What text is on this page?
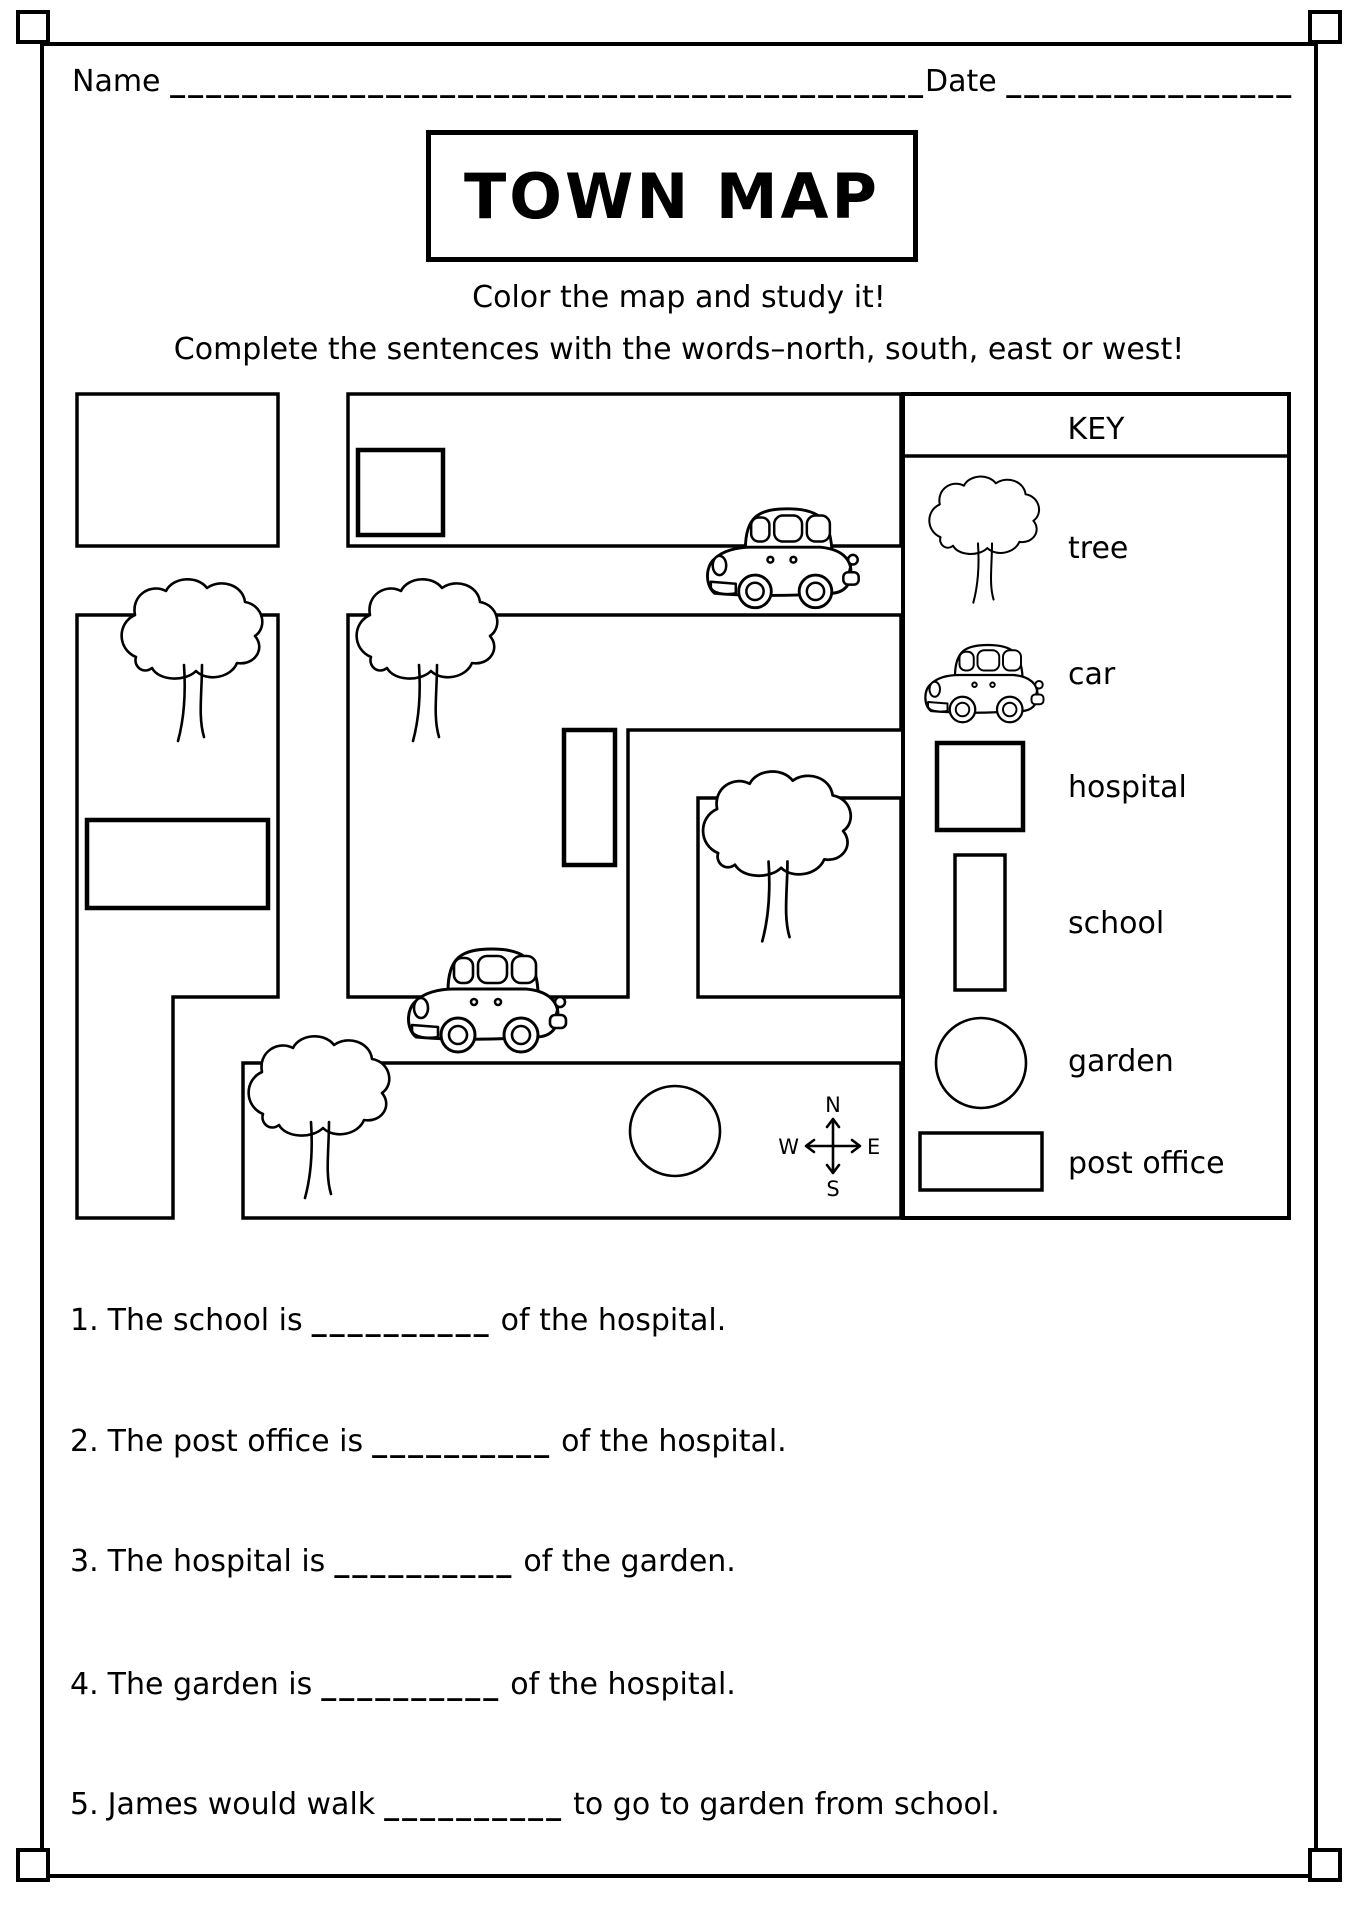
Name __________________________________________
Date ________________
TOWN MAP
Color the map and study it!
Complete the sentences with the words–north, south, east or west!
N
S
W	E
KEY
tree
car
hospital
school
garden
post office
1. The school is __________ of the hospital.
2. The post office is __________ of the hospital.
3. The hospital is __________ of the garden.
4. The garden is __________ of the hospital.
5. James would walk __________ to go to garden from school.
